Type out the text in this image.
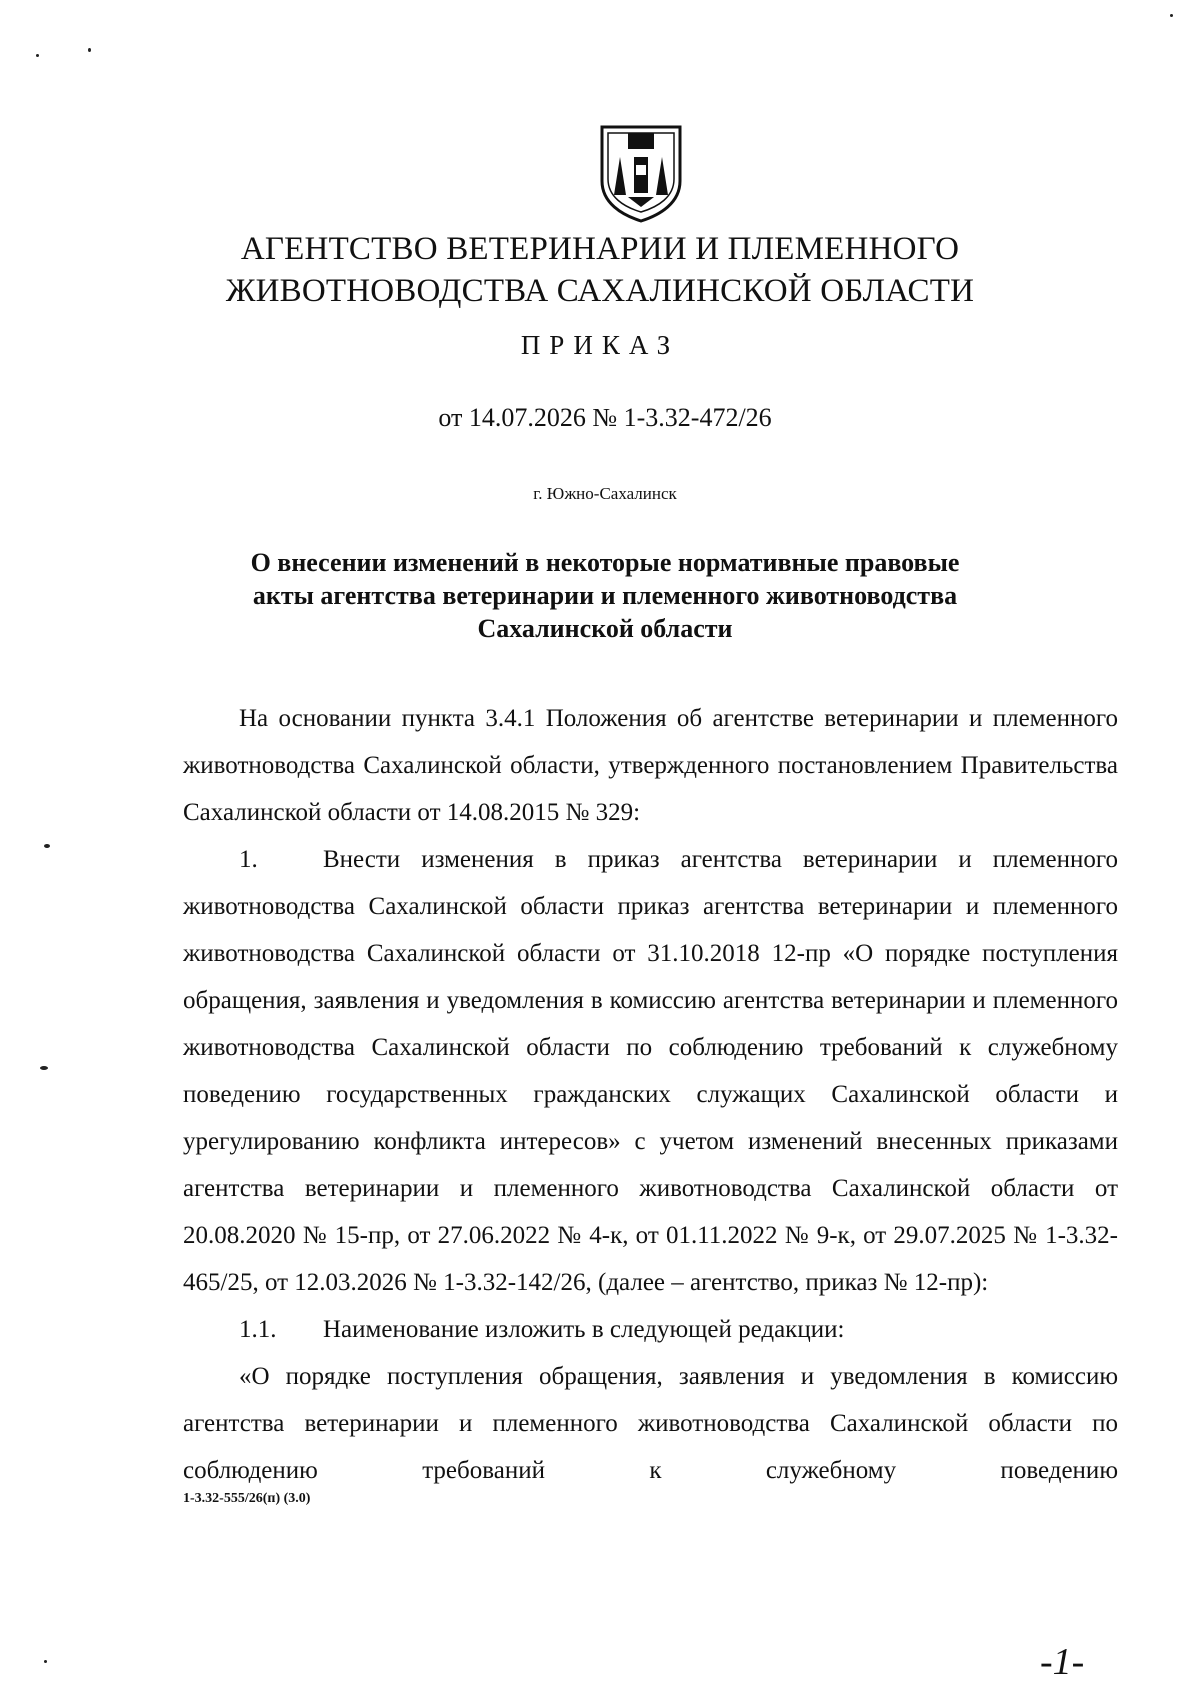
АГЕНТСТВО ВЕТЕРИНАРИИ И ПЛЕМЕННОГО
ЖИВОТНОВОДСТВА САХАЛИНСКОЙ ОБЛАСТИ
ПРИКАЗ
от 14.07.2026 № 1-3.32-472/26
г. Южно-Сахалинск
О внесении изменений в некоторые нормативные правовые
акты агентства ветеринарии и племенного животноводства
Сахалинской области

На основании пункта 3.4.1 Положения об агентстве ветеринарии и племенного животноводства Сахалинской области, утвержденного постановлением Правительства Сахалинской области от 14.08.2015 № 329:

1.	Внести изменения в приказ агентства ветеринарии и племенного животноводства Сахалинской области приказ агентства ветеринарии и племенного животноводства Сахалинской области от 31.10.2018 12-пр «О порядке поступления обращения, заявления и уведомления в комиссию агентства ветеринарии и племенного животноводства Сахалинской области по соблюдению требований к служебному поведению государственных гражданских служащих Сахалинской области и урегулированию конфликта интересов» с учетом изменений внесенных приказами агентства ветеринарии и племенного животноводства Сахалинской области от 20.08.2020 № 15-пр, от 27.06.2022 № 4-к, от 01.11.2022 № 9-к, от 29.07.2025 № 1-3.32-465/25, от 12.03.2026 № 1-3.32-142/26, (далее – агентство, приказ № 12-пр):

1.1. Наименование изложить в следующей редакции:

«О порядке поступления обращения, заявления и уведомления в комиссию агентства ветеринарии и племенного животноводства Сахалинской области по соблюдению требований к служебному поведению

1-3.32-555/26(п) (3.0)
-1-
